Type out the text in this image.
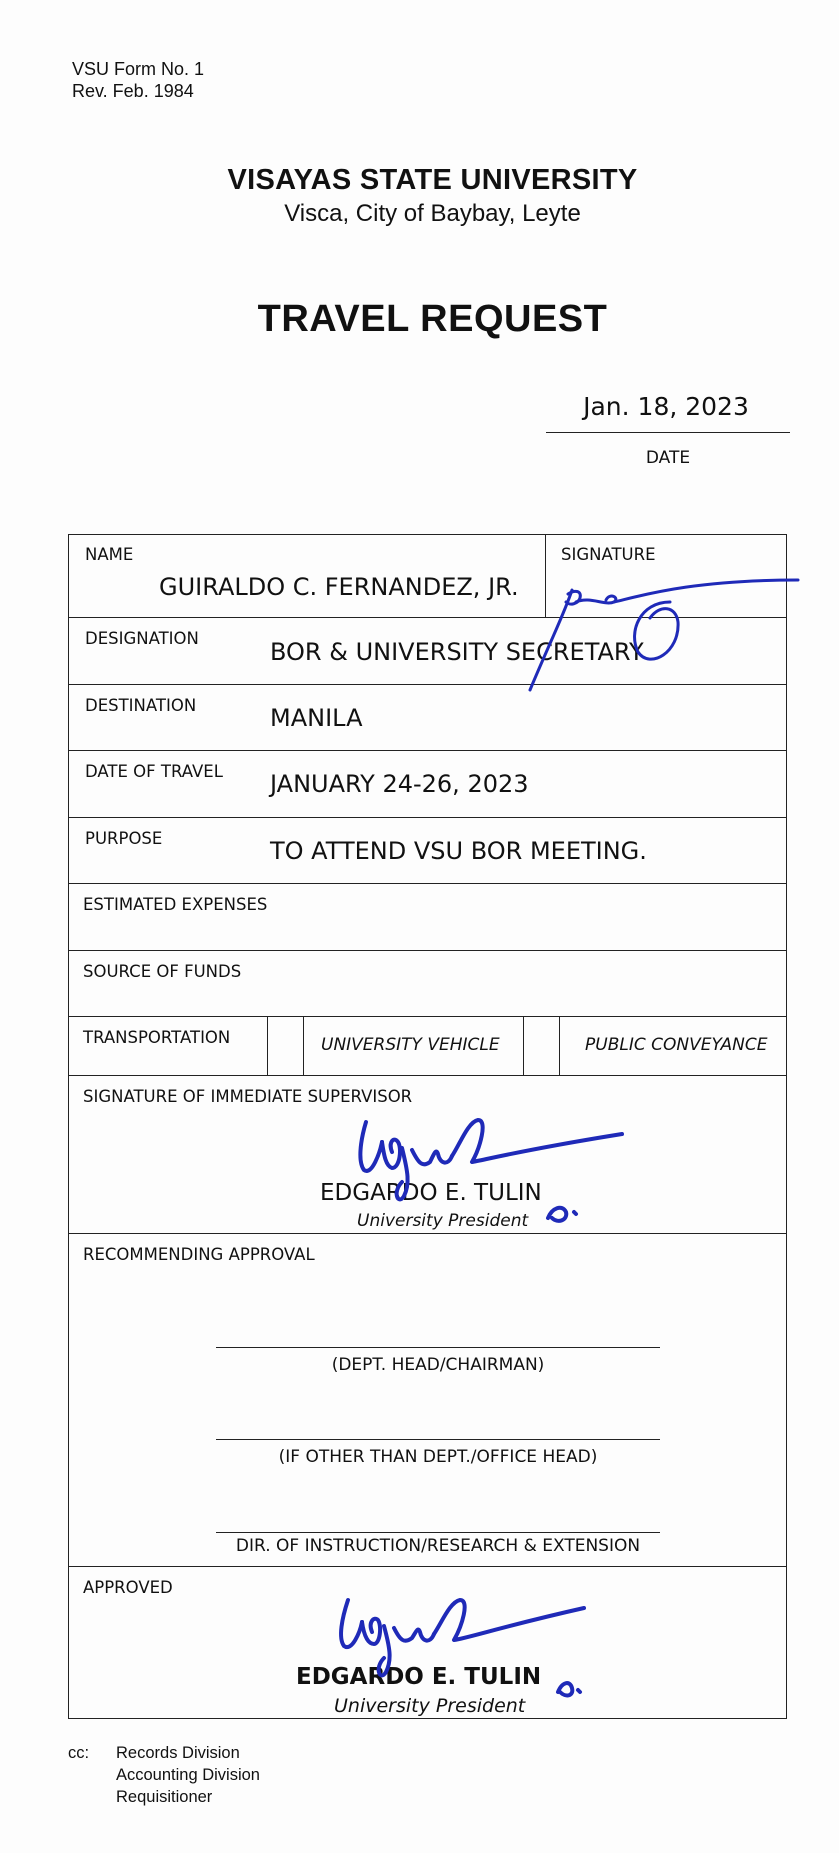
VSU Form No. 1
Rev. Feb. 1984
VISAYAS STATE UNIVERSITY
Visca, City of Baybay, Leyte
TRAVEL REQUEST
Jan. 18, 2023
DATE
NAME
GUIRALDO C. FERNANDEZ, JR.
SIGNATURE
DESIGNATION	BOR & UNIVERSITY SECRETARY
DESTINATION	MANILA
DATE OF TRAVEL JANUARY 24-26, 2023
PURPOSE	TO ATTEND VSU BOR MEETING.
ESTIMATED EXPENSES
SOURCE OF FUNDS
TRANSPORTATION	UNIVERSITY VEHICLE	PUBLIC CONVEYANCE
SIGNATURE OF IMMEDIATE SUPERVISOR
EDGARDO E. TULIN
University President
RECOMMENDING APPROVAL
(DEPT. HEAD/CHAIRMAN)
(IF OTHER THAN DEPT./OFFICE HEAD)
DIR. OF INSTRUCTION/RESEARCH & EXTENSION
APPROVED
EDGARDO E. TULIN
University President
cc: Records Division
Accounting Division
Requisitioner
